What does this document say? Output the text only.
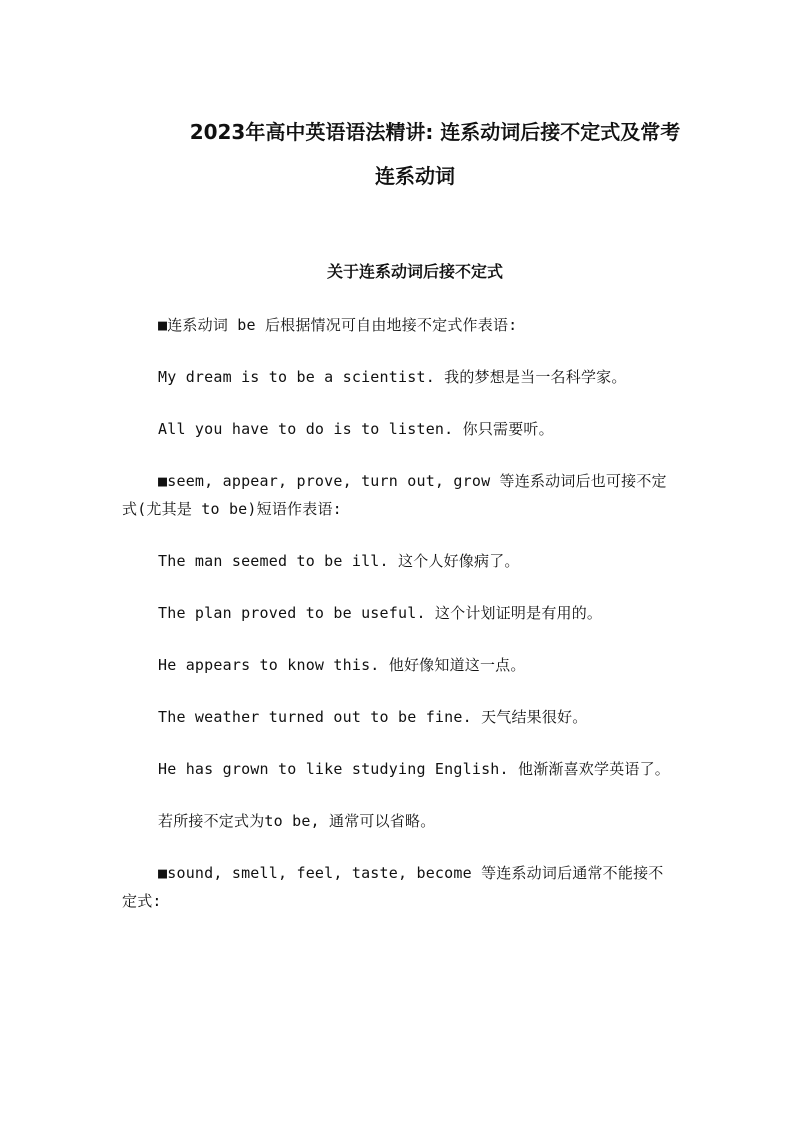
2023年高中英语语法精讲: 连系动词后接不定式及常考
连系动词
关于连系动词后接不定式

■连系动词 be 后根据情况可自由地接不定式作表语:

My dream is to be a scientist. 我的梦想是当一名科学家。

All you have to do is to listen. 你只需要听。

■seem, appear, prove, turn out, grow 等连系动词后也可接不定式(尤其是 to be)短语作表语:

The man seemed to be ill. 这个人好像病了。

The plan proved to be useful. 这个计划证明是有用的。

He appears to know this. 他好像知道这一点。

The weather turned out to be fine. 天气结果很好。

He has grown to like studying English. 他渐渐喜欢学英语了。

若所接不定式为to be, 通常可以省略。

■sound, smell, feel, taste, become 等连系动词后通常不能接不定式:
